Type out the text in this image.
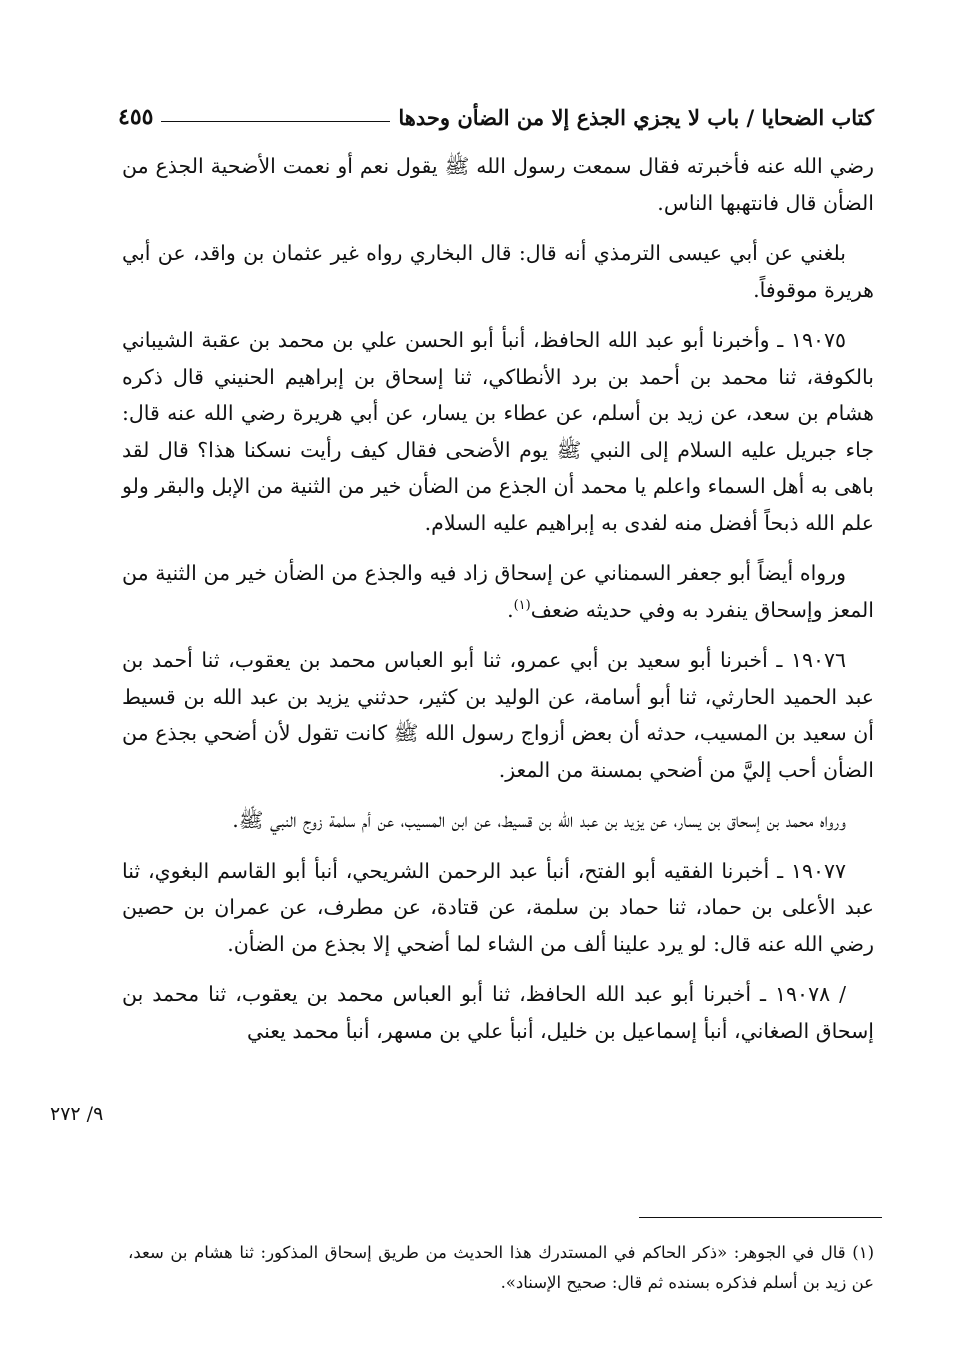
كتاب الضحايا / باب لا يجزي الجذع إلا من الضأن وحدها
٤٥٥

رضي الله عنه فأخبرته فقال سمعت رسول الله ﷺ يقول نعم أو نعمت الأضحية الجذع من الضأن قال فانتهبها الناس.

بلغني عن أبي عيسى الترمذي أنه قال: قال البخاري رواه غير عثمان بن واقد، عن أبي هريرة موقوفاً.

١٩٠٧٥ ـ وأخبرنا أبو عبد الله الحافظ، أنبأ أبو الحسن علي بن محمد بن عقبة الشيباني بالكوفة، ثنا محمد بن أحمد بن برد الأنطاكي، ثنا إسحاق بن إبراهيم الحنيني قال ذكره هشام بن سعد، عن زيد بن أسلم، عن عطاء بن يسار، عن أبي هريرة رضي الله عنه قال: جاء جبريل عليه السلام إلى النبي ﷺ يوم الأضحى فقال كيف رأيت نسكنا هذا؟ قال لقد باهى به أهل السماء واعلم يا محمد أن الجذع من الضأن خير من الثنية من الإبل والبقر ولو علم الله ذبحاً أفضل منه لفدى به إبراهيم عليه السلام.

ورواه أيضاً أبو جعفر السمناني عن إسحاق زاد فيه والجذع من الضأن خير من الثنية من المعز وإسحاق ينفرد به وفي حديثه ضعف$^{(١)}$.

١٩٠٧٦ ـ أخبرنا أبو سعيد بن أبي عمرو، ثنا أبو العباس محمد بن يعقوب، ثنا أحمد بن عبد الحميد الحارثي، ثنا أبو أسامة، عن الوليد بن كثير، حدثني يزيد بن عبد الله بن قسيط أن سعيد بن المسيب، حدثه أن بعض أزواج رسول الله ﷺ كانت تقول لأن أضحي بجذع من الضأن أحب إليَّ من أضحي بمسنة من المعز.

ورواه محمد بن إسحاق بن يسار، عن يزيد بن عبد الله بن قسيط، عن ابن المسيب، عن أم سلمة زوج النبي ﷺ.

١٩٠٧٧ ـ أخبرنا الفقيه أبو الفتح، أنبأ عبد الرحمن الشريحي، أنبأ أبو القاسم البغوي، ثنا عبد الأعلى بن حماد، ثنا حماد بن سلمة، عن قتادة، عن مطرف، عن عمران بن حصين رضي الله عنه قال: لو يرد علينا ألف من الشاء لما أضحي إلا بجذع من الضأن.

/ ١٩٠٧٨ ـ أخبرنا أبو عبد الله الحافظ، ثنا أبو العباس محمد بن يعقوب، ثنا محمد بن إسحاق الصغاني، أنبأ إسماعيل بن خليل، أنبأ علي بن مسهر، أنبأ محمد يعني

٩/ ٢٧٢
(١) قال في الجوهر: «ذكر الحاكم في المستدرك هذا الحديث من طريق إسحاق المذكور: ثنا هشام بن سعد، عن زيد بن أسلم فذكره بسنده ثم قال: صحيح الإسناد».
